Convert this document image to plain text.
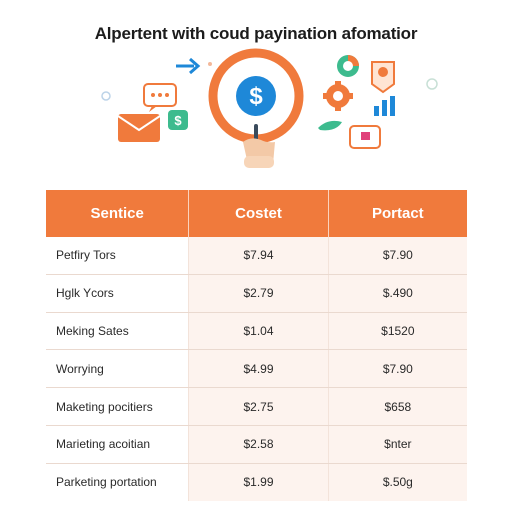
Alpertent with coud payination afomatior
$
$
Sentice	Costet	Portact
Petfiry Tors	$7.94	$7.90
Hglk Ycors	$2.79	$.490
Meking Sates	$1.04	$1520
Worrying	$4.99	$7.90
Maketing pocitiers	$2.75	$658
Marieting acoitian	$2.58	$nter
Parketing portation	$1.99	$.50g
